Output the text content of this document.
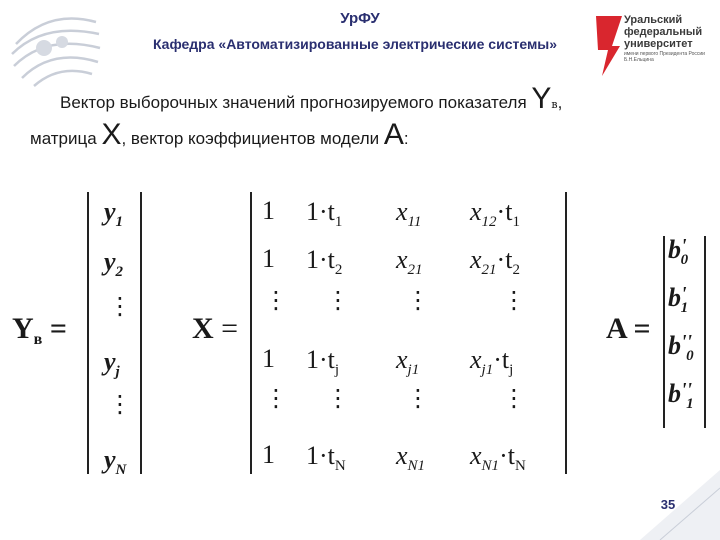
УрФУ
Кафедра «Автоматизированные электрические системы»
Уральский
федеральный
университет
имени первого Президента России Б.Н.Ельцина
Вектор выборочных значений прогнозируемого показателя Yв,
матрица X, вектор коэффициентов модели A:
$Y_в$ =
$y_1$
$y_2$
⋮
$y_j$
⋮
$y_N$
X =
1 $1\cdot t_1$ $x_{11}$ $x_{12}\cdot t_1$
1 $1\cdot t_2$ $x_{21}$ $x_{21}\cdot t_2$
1 $1\cdot t_j$ $x_{j1}$ $x_{j1}\cdot t_j$
1 $1\cdot t_N$ $x_{N1}$ $x_{N1}\cdot t_N$
⋮ ⋮ ⋮	⋮
⋮ ⋮ ⋮	⋮
A =
$b'_0$
$b'_1$
$b''_0$
$b''_1$
35
